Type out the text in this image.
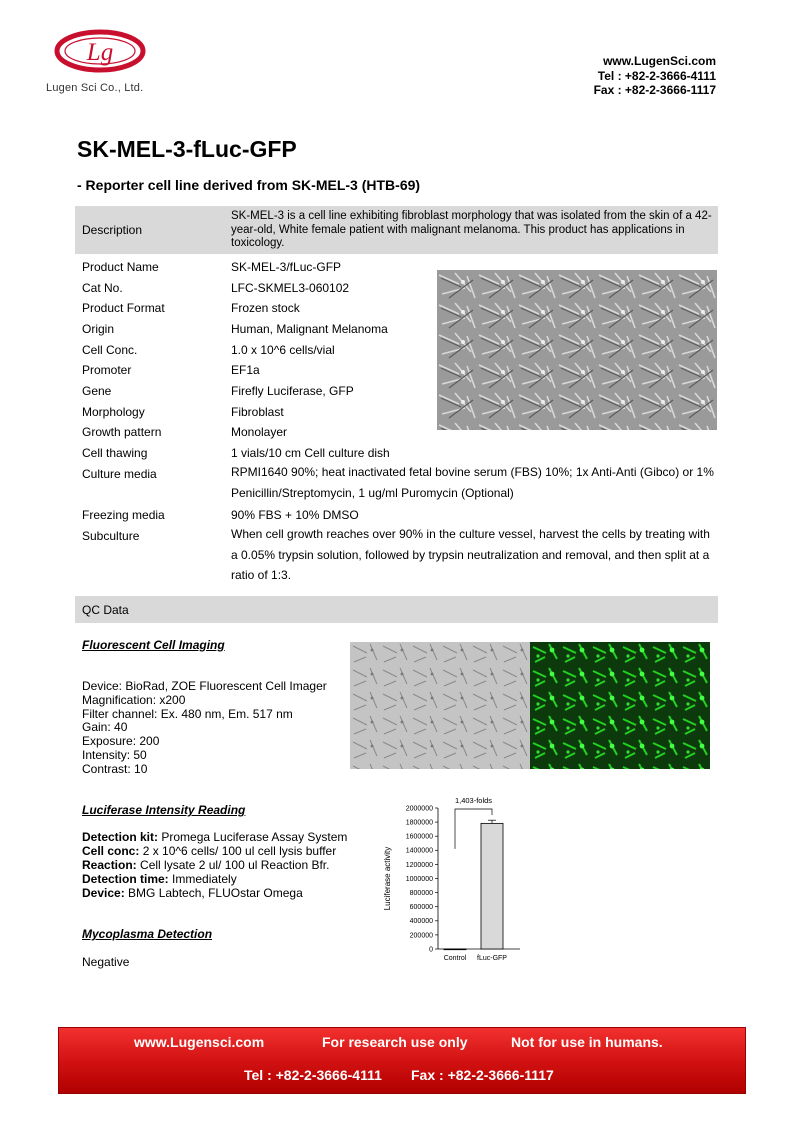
Lg
Lugen Sci Co., Ltd.
www.LugenSci.com
Tel : +82-2-3666-4111
Fax : +82-2-3666-1117
SK-MEL-3-fLuc-GFP
- Reporter cell line derived from SK-MEL-3 (HTB-69)
Description
SK-MEL-3 is a cell line exhibiting fibroblast morphology that was isolated from the skin of a 42-year-old, White female patient with malignant melanoma. This product has applications in toxicology.
Product Name	SK-MEL-3/fLuc-GFP
Cat No.	LFC-SKMEL3-060102
Product Format	Frozen stock
Origin	Human, Malignant Melanoma
Cell Conc.	1.0 x 10^6 cells/vial
Promoter	EF1a
Gene	Firefly Luciferase, GFP
Morphology	Fibroblast
Growth pattern	Monolayer
Cell thawing	1 vials/10 cm Cell culture dish
Culture media	RPMI1640 90%; heat inactivated fetal bovine serum (FBS) 10%; 1x Anti-Anti (Gibco) or 1% Penicillin/Streptomycin, 1 ug/ml Puromycin (Optional)
Freezing media	90% FBS + 10% DMSO
Subculture	When cell growth reaches over 90% in the culture vessel, harvest the cells by treating with a 0.05% trypsin solution, followed by trypsin neutralization and removal, and then split at a ratio of 1:3.
QC Data
Fluorescent Cell Imaging
Device: BioRad, ZOE Fluorescent Cell Imager
Magnification: x200
Filter channel: Ex. 480 nm, Em. 517 nm
Gain: 40
Exposure: 200
Intensity: 50
Contrast: 10
Luciferase Intensity Reading
Detection kit: Promega Luciferase Assay System
Cell conc: 2 x 10^6 cells/ 100 ul cell lysis buffer
Reaction: Cell lysate 2 ul/ 100 ul Reaction Bfr.
Detection time: Immediately
Device: BMG Labtech, FLUOstar Omega
Mycoplasma Detection
Negative
0
200000
400000
600000
800000
1000000
1200000
1400000
1600000
1800000
2000000
Control fLuc-GFP
Luciferase activity
1,403-folds
www.Lugensci.com	For research use only	Not for use in humans.
Tel : +82-2-3666-4111 Fax : +82-2-3666-1117
